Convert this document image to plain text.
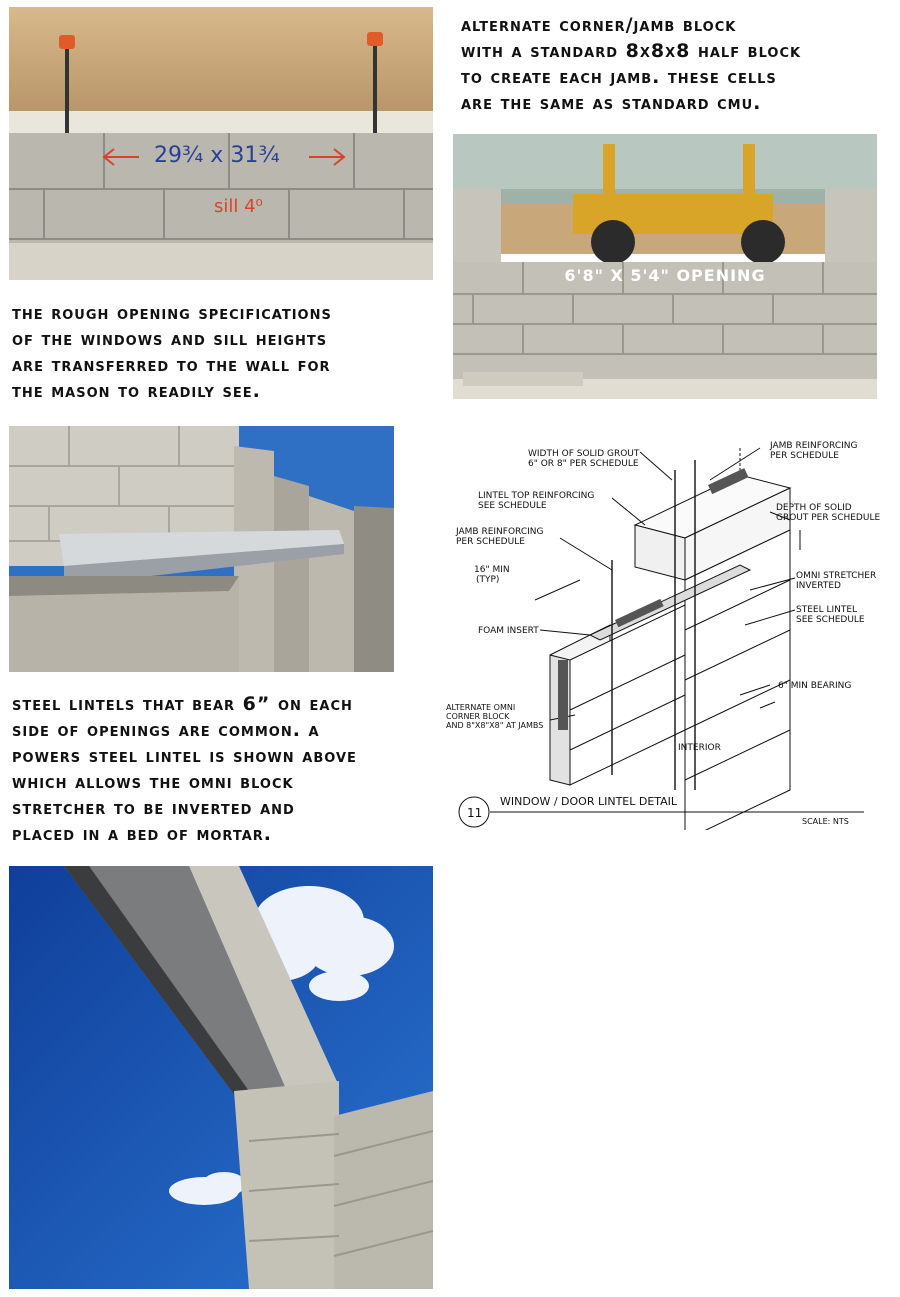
29¾ x 31¾
sill 4⁰

alternate corner/jamb block
with a standard 8x8x8 half block
to create each jamb. these cells
are the same as standard cmu.

6'8" X 5'4" OPENING

the rough opening specifications
of the windows and sill heights
are transferred to the wall for
the mason to readily see.

steel lintels that bear 6” on each
side of openings are common. a
powers steel lintel is shown above
which allows the omni block
stretcher to be inverted and
placed in a bed of mortar.

WIDTH OF SOLID GROUT
6" OR 8" PER SCHEDULE
JAMB REINFORCING
PER SCHEDULE
LINTEL TOP REINFORCING
SEE SCHEDULE	DEPTH OF SOLID
GROUT PER SCHEDULE
JAMB REINFORCING
PER SCHEDULE
16" MIN
(TYP)	OMNI STRETCHER
INVERTED
STEEL LINTEL
SEE SCHEDULE
FOAM INSERT
6" MIN BEARING
ALTERNATE OMNI
CORNER BLOCK
AND 8"X8"X8" AT JAMBS
INTERIOR
11
WINDOW / DOOR LINTEL DETAIL
SCALE: NTS
